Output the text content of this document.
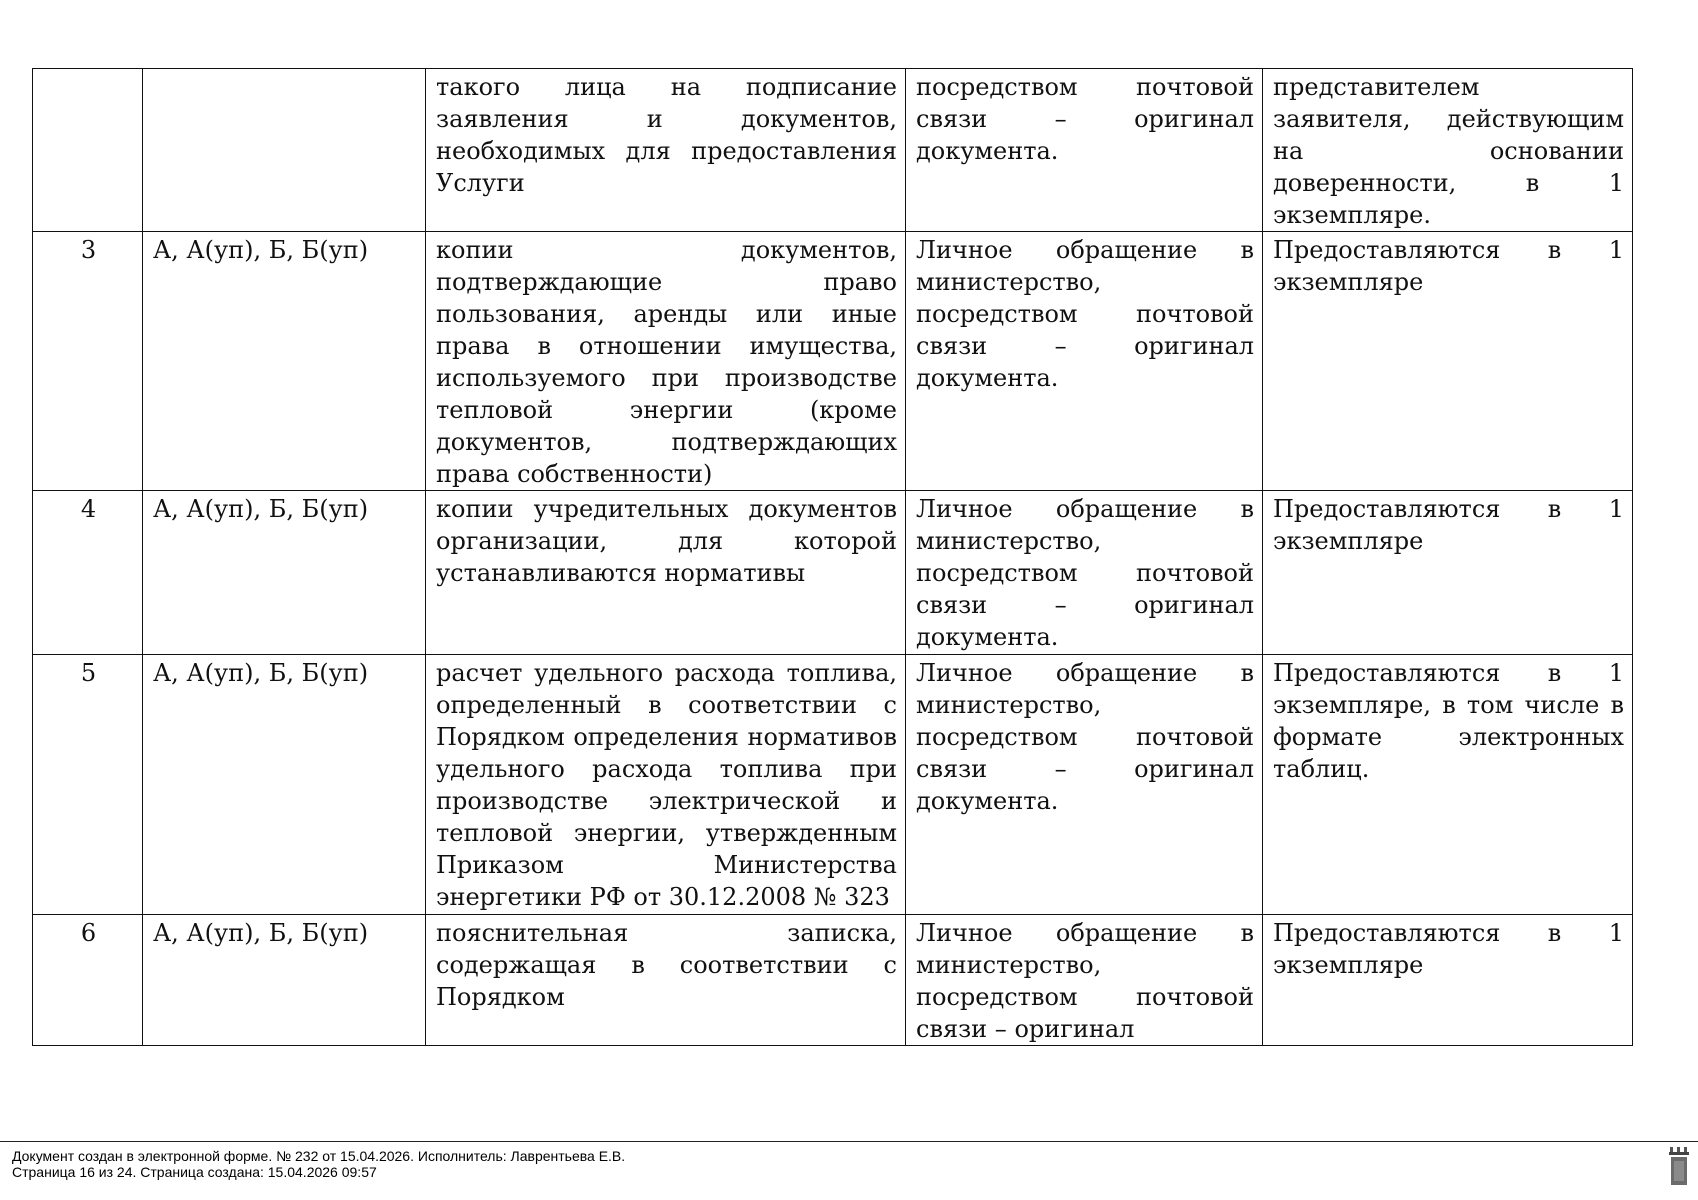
		такого лица на подписание заявления и документов, необходимых для предоставления Услуги	посредством почтовой связи – оригинал документа.	представителем заявителя, действующим на основании доверенности, в 1 экземпляре.
3	А, А(уп), Б, Б(уп)	копии документов, подтверждающие право пользования, аренды или иные права в отношении имущества, используемого при производстве тепловой энергии (кроме документов, подтверждающих права собственности)	Личное обращение в министерство, посредством почтовой связи – оригинал документа.	Предоставляются в 1 экземпляре
4	А, А(уп), Б, Б(уп)	копии учредительных документов организации, для которой устанавливаются нормативы	Личное обращение в министерство, посредством почтовой связи – оригинал документа.	Предоставляются в 1 экземпляре
5	А, А(уп), Б, Б(уп)	расчет удельного расхода топлива, определенный в соответствии с Порядком определения нормативов удельного расхода топлива при производстве электрической и тепловой энергии, утвержденным Приказом Министерства энергетики РФ от 30.12.2008 № 323	Личное обращение в министерство, посредством почтовой связи – оригинал документа.	Предоставляются в 1 экземпляре, в том числе в формате электронных таблиц.
6	А, А(уп), Б, Б(уп)	пояснительная записка, содержащая в соответствии с Порядком	Личное обращение в министерство, посредством почтовой связи – оригинал	Предоставляются в 1 экземпляре
Документ создан в электронной форме. № 232 от 15.04.2026. Исполнитель: Лаврентьева Е.В.
Страница 16 из 24. Страница создана: 15.04.2026 09:57
